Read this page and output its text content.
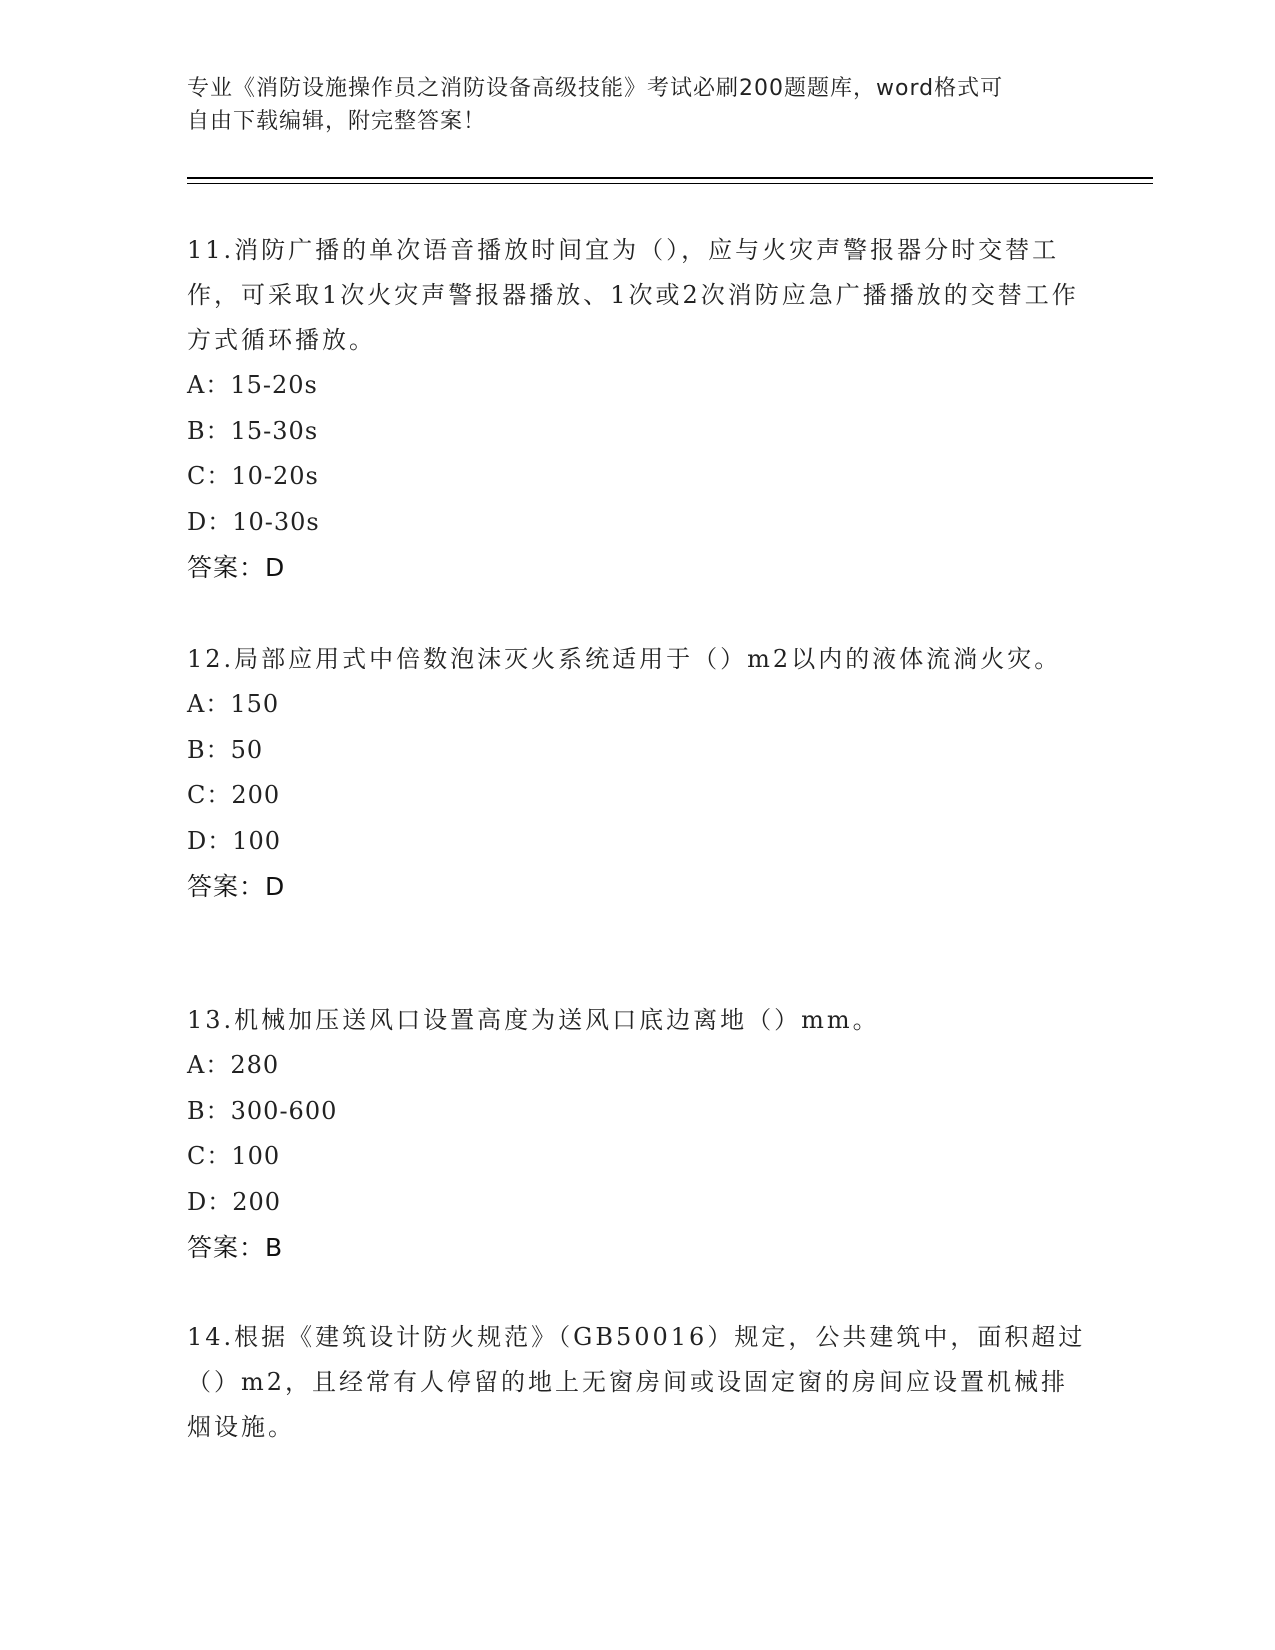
专业《消防设施操作员之消防设备高级技能》考试必刷200题题库，word格式可
自由下载编辑，附完整答案！
11.消防广播的单次语音播放时间宜为（），应与火灾声警报器分时交替工作，可采取1次火灾声警报器播放、1次或2次消防应急广播播放的交替工作方式循环播放。
A：15-20s
B：15-30s
C：10-20s
D：10-30s
答案：D
12.局部应用式中倍数泡沫灭火系统适用于（）m2以内的液体流淌火灾。
A：150
B：50
C：200
D：100
答案：D
13.机械加压送风口设置高度为送风口底边离地（）mm。
A：280
B：300-600
C：100
D：200
答案：B
14.根据《建筑设计防火规范》（GB50016）规定，公共建筑中，面积超过（）m2，且经常有人停留的地上无窗房间或设固定窗的房间应设置机械排烟设施。
